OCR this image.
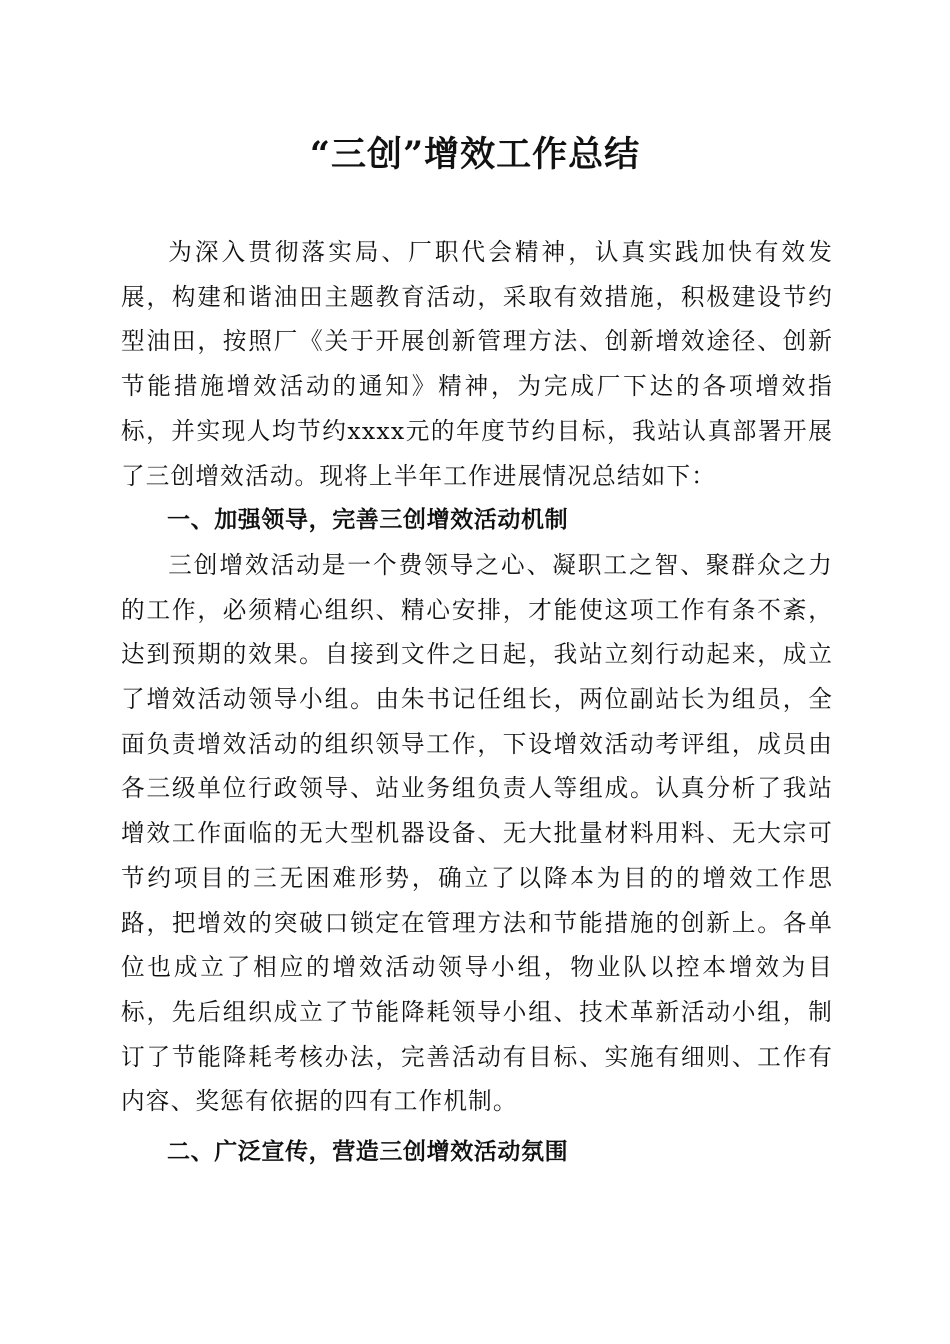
“三创”增效工作总结

为深入贯彻落实局、厂职代会精神，认真实践加快有效发展，构建和谐油田主题教育活动，采取有效措施，积极建设节约型油田，按照厂《关于开展创新管理方法、创新增效途径、创新节能措施增效活动的通知》精神，为完成厂下达的各项增效指标，并实现人均节约xxxx元的年度节约目标，我站认真部署开展了三创增效活动。现将上半年工作进展情况总结如下：

一、加强领导，完善三创增效活动机制

三创增效活动是一个费领导之心、凝职工之智、聚群众之力的工作，必须精心组织、精心安排，才能使这项工作有条不紊，达到预期的效果。自接到文件之日起，我站立刻行动起来，成立了增效活动领导小组。由朱书记任组长，两位副站长为组员，全面负责增效活动的组织领导工作，下设增效活动考评组，成员由各三级单位行政领导、站业务组负责人等组成。认真分析了我站增效工作面临的无大型机器设备、无大批量材料用料、无大宗可节约项目的三无困难形势，确立了以降本为目的的增效工作思路，把增效的突破口锁定在管理方法和节能措施的创新上。各单位也成立了相应的增效活动领导小组，物业队以控本增效为目标，先后组织成立了节能降耗领导小组、技术革新活动小组，制订了节能降耗考核办法，完善活动有目标、实施有细则、工作有内容、奖惩有依据的四有工作机制。

二、广泛宣传，营造三创增效活动氛围
